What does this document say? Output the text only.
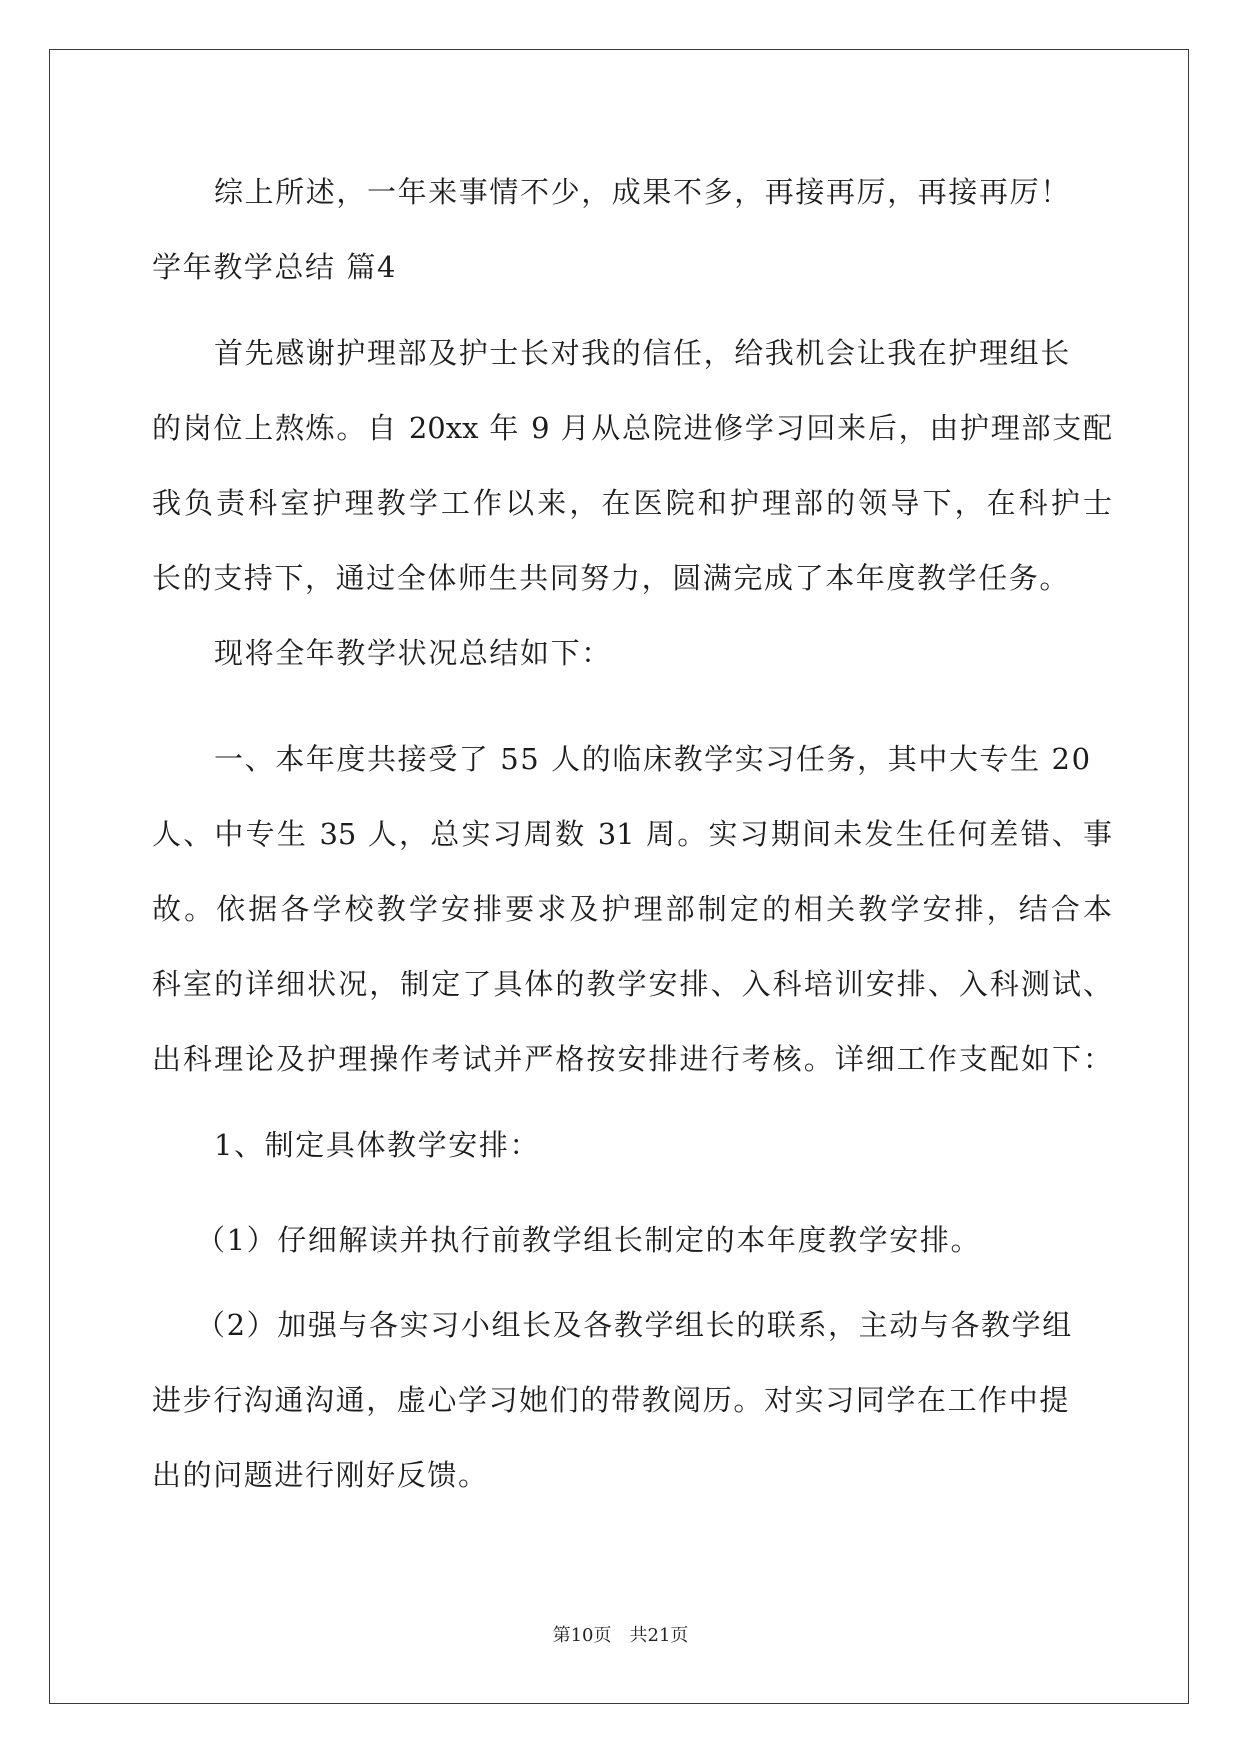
综上所述，一年来事情不少，成果不多，再接再厉，再接再厉！
学年教学总结 篇4
首先感谢护理部及护士长对我的信任，给我机会让我在护理组长
的岗位上熬炼。自 20xx 年 9 月从总院进修学习回来后，由护理部支配
我负责科室护理教学工作以来，在医院和护理部的领导下，在科护士
长的支持下，通过全体师生共同努力，圆满完成了本年度教学任务。
现将全年教学状况总结如下：
一、本年度共接受了 55 人的临床教学实习任务，其中大专生 20
人、中专生 35 人，总实习周数 31 周。实习期间未发生任何差错、事
故。依据各学校教学安排要求及护理部制定的相关教学安排，结合本
科室的详细状况，制定了具体的教学安排、入科培训安排、入科测试、
出科理论及护理操作考试并严格按安排进行考核。详细工作支配如下：
1、制定具体教学安排：
（1）仔细解读并执行前教学组长制定的本年度教学安排。
（2）加强与各实习小组长及各教学组长的联系，主动与各教学组
进步行沟通沟通，虚心学习她们的带教阅历。对实习同学在工作中提
出的问题进行刚好反馈。
第10页 共21页
